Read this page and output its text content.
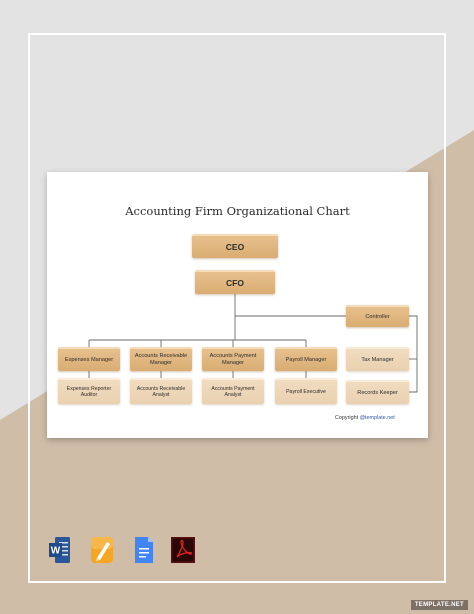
Accounting Firm Organizational Chart
CEO
CFO
Controller
Expenses Manager
Accounts Receivable
Manager
Accounts Payment
Manager
Payroll Manager	Tax Manager
Expenses Reporter
Auditor
Accounts Receivable
Analyst
Accounts Payment
Analyst
Payroll Executive	Records Keeper
Copyright @template.net
W
TEMPLATE.NET
